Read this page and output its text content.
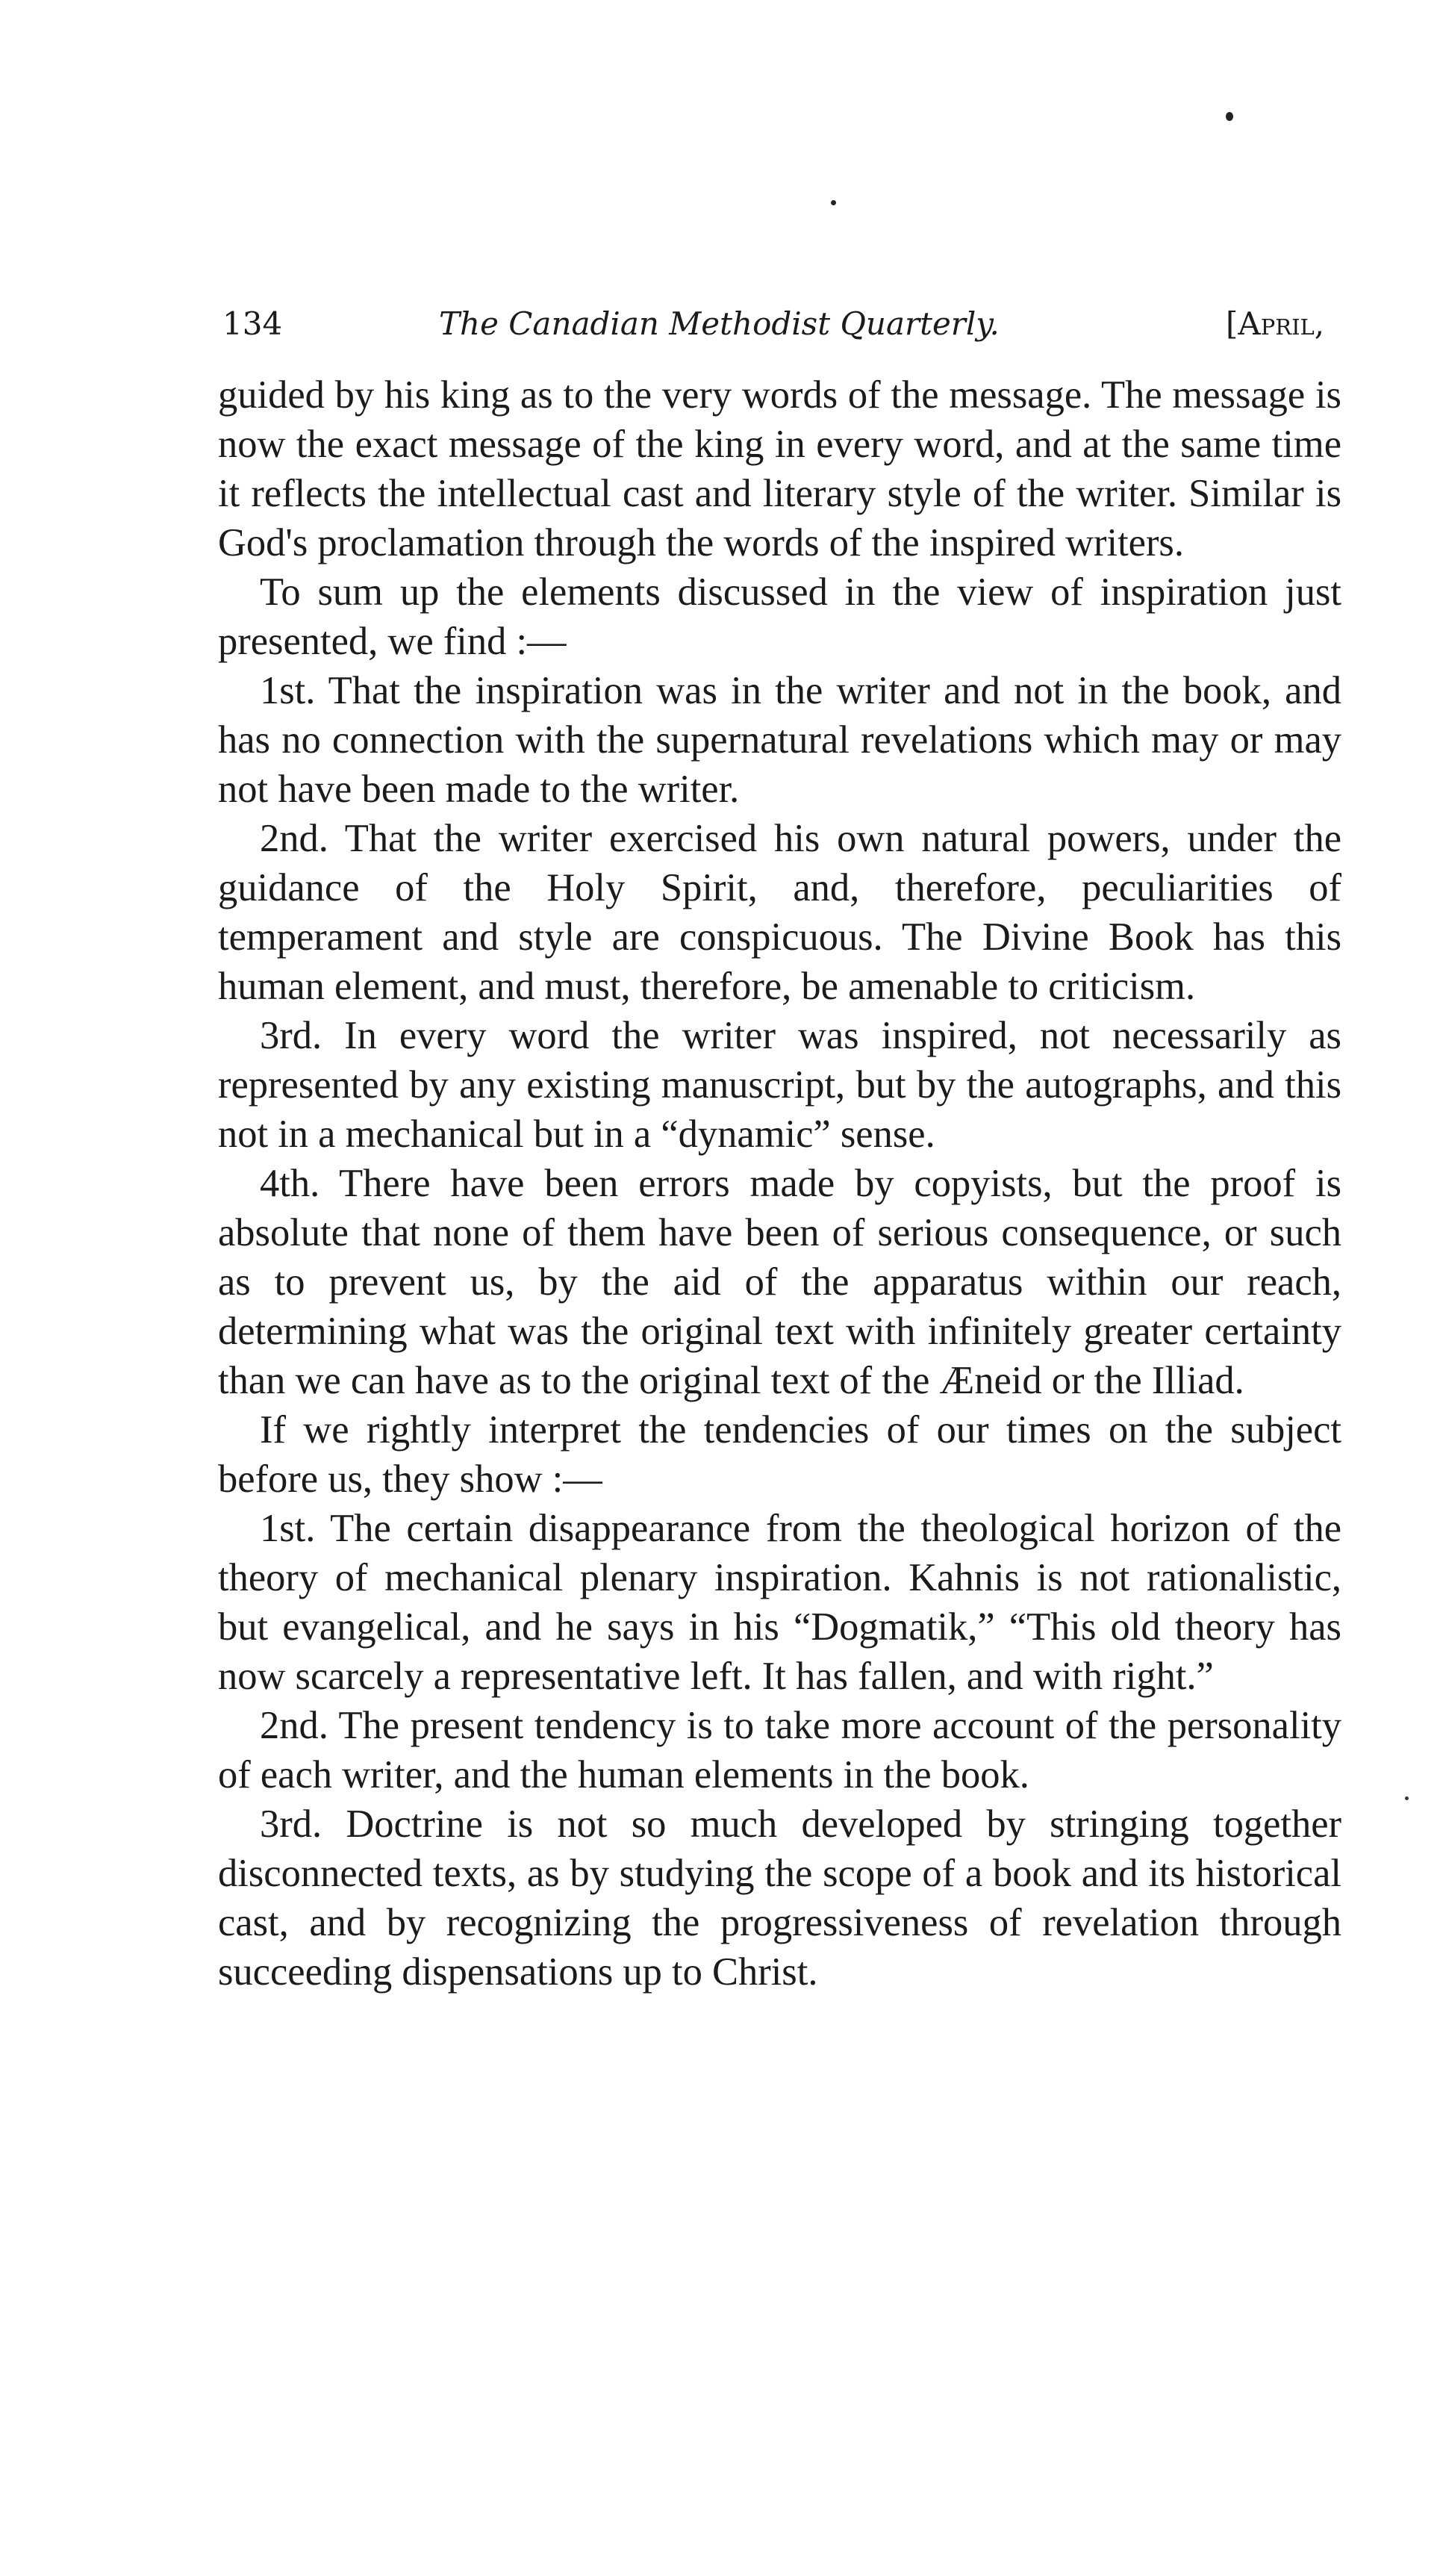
134	The Canadian Methodist Quarterly.	[April,

guided by his king as to the very words of the message. The message is now the exact message of the king in every word, and at the same time it reflects the intellectual cast and literary style of the writer. Similar is God's proclamation through the words of the inspired writers.

To sum up the elements discussed in the view of inspiration just presented, we find :—

1st. That the inspiration was in the writer and not in the book, and has no connection with the supernatural revelations which may or may not have been made to the writer.

2nd. That the writer exercised his own natural powers, under the guidance of the Holy Spirit, and, therefore, peculiarities of temperament and style are conspicuous. The Divine Book has this human element, and must, therefore, be amenable to criticism.

3rd. In every word the writer was inspired, not necessarily as represented by any existing manuscript, but by the autographs, and this not in a mechanical but in a “dynamic” sense.

4th. There have been errors made by copyists, but the proof is absolute that none of them have been of serious consequence, or such as to prevent us, by the aid of the apparatus within our reach, determining what was the original text with infinitely greater certainty than we can have as to the original text of the Æneid or the Illiad.

If we rightly interpret the tendencies of our times on the subject before us, they show :—

1st. The certain disappearance from the theological horizon of the theory of mechanical plenary inspiration. Kahnis is not rationalistic, but evangelical, and he says in his “Dogmatik,” “This old theory has now scarcely a representative left. It has fallen, and with right.”

2nd. The present tendency is to take more account of the personality of each writer, and the human elements in the book.

3rd. Doctrine is not so much developed by stringing together disconnected texts, as by studying the scope of a book and its historical cast, and by recognizing the progressiveness of revelation through succeeding dispensations up to Christ.
